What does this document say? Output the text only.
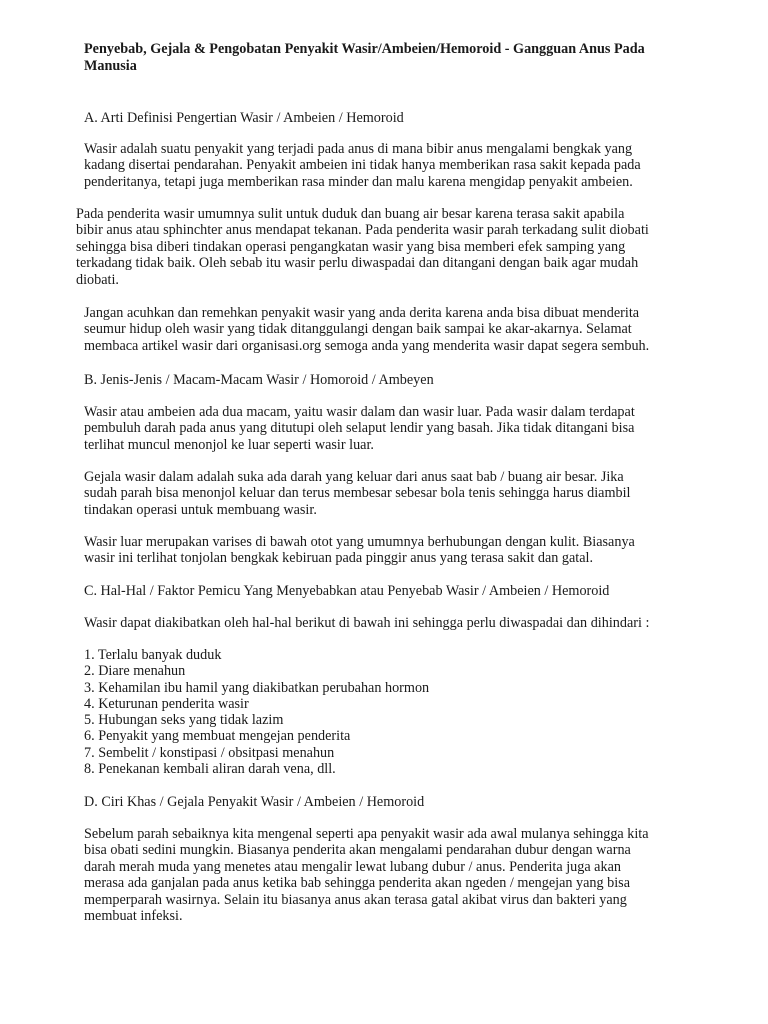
Penyebab, Gejala & Pengobatan Penyakit Wasir/Ambeien/Hemoroid - Gangguan Anus Pada
Manusia

A. Arti Definisi Pengertian Wasir / Ambeien / Hemoroid

Wasir adalah suatu penyakit yang terjadi pada anus di mana bibir anus mengalami bengkak yang
kadang disertai pendarahan. Penyakit ambeien ini tidak hanya memberikan rasa sakit kepada pada
penderitanya, tetapi juga memberikan rasa minder dan malu karena mengidap penyakit ambeien.

Pada penderita wasir umumnya sulit untuk duduk dan buang air besar karena terasa sakit apabila
bibir anus atau sphinchter anus mendapat tekanan. Pada penderita wasir parah terkadang sulit diobati
sehingga bisa diberi tindakan operasi pengangkatan wasir yang bisa memberi efek samping yang
terkadang tidak baik. Oleh sebab itu wasir perlu diwaspadai dan ditangani dengan baik agar mudah
diobati.

Jangan acuhkan dan remehkan penyakit wasir yang anda derita karena anda bisa dibuat menderita
seumur hidup oleh wasir yang tidak ditanggulangi dengan baik sampai ke akar-akarnya. Selamat
membaca artikel wasir dari organisasi.org semoga anda yang menderita wasir dapat segera sembuh.

B. Jenis-Jenis / Macam-Macam Wasir / Homoroid / Ambeyen

Wasir atau ambeien ada dua macam, yaitu wasir dalam dan wasir luar. Pada wasir dalam terdapat
pembuluh darah pada anus yang ditutupi oleh selaput lendir yang basah. Jika tidak ditangani bisa
terlihat muncul menonjol ke luar seperti wasir luar.

Gejala wasir dalam adalah suka ada darah yang keluar dari anus saat bab / buang air besar. Jika
sudah parah bisa menonjol keluar dan terus membesar sebesar bola tenis sehingga harus diambil
tindakan operasi untuk membuang wasir.

Wasir luar merupakan varises di bawah otot yang umumnya berhubungan dengan kulit. Biasanya
wasir ini terlihat tonjolan bengkak kebiruan pada pinggir anus yang terasa sakit dan gatal.

C. Hal-Hal / Faktor Pemicu Yang Menyebabkan atau Penyebab Wasir / Ambeien / Hemoroid

Wasir dapat diakibatkan oleh hal-hal berikut di bawah ini sehingga perlu diwaspadai dan dihindari :

1. Terlalu banyak duduk
2. Diare menahun
3. Kehamilan ibu hamil yang diakibatkan perubahan hormon
4. Keturunan penderita wasir
5. Hubungan seks yang tidak lazim
6. Penyakit yang membuat mengejan penderita
7. Sembelit / konstipasi / obsitpasi menahun
8. Penekanan kembali aliran darah vena, dll.

D. Ciri Khas / Gejala Penyakit Wasir / Ambeien / Hemoroid

Sebelum parah sebaiknya kita mengenal seperti apa penyakit wasir ada awal mulanya sehingga kita
bisa obati sedini mungkin. Biasanya penderita akan mengalami pendarahan dubur dengan warna
darah merah muda yang menetes atau mengalir lewat lubang dubur / anus. Penderita juga akan
merasa ada ganjalan pada anus ketika bab sehingga penderita akan ngeden / mengejan yang bisa
memperparah wasirnya. Selain itu biasanya anus akan terasa gatal akibat virus dan bakteri yang
membuat infeksi.
